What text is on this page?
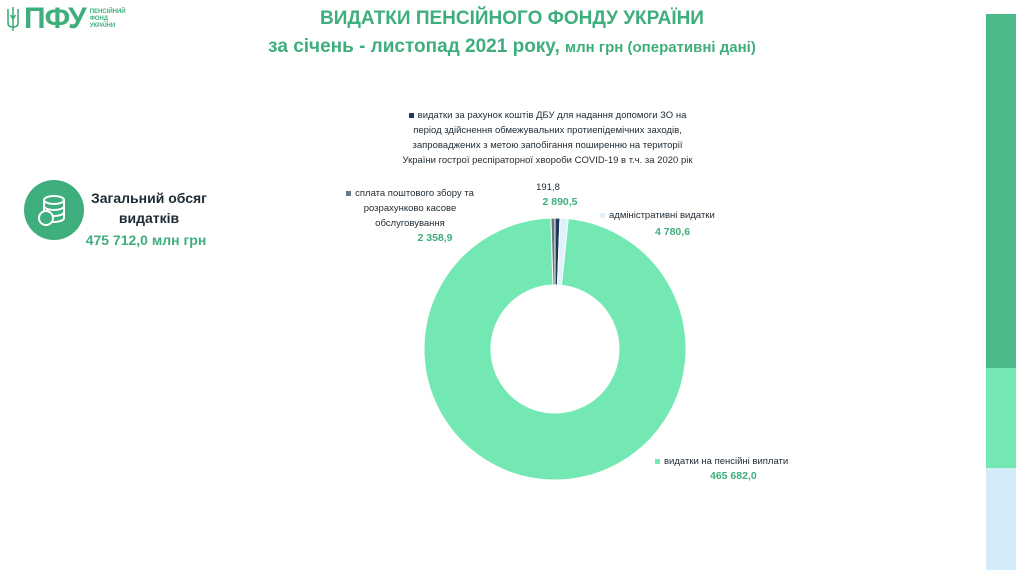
ПФУ ПЕНСІЙНИЙ
ФОНД
УКРАЇНИ	ВИДАТКИ ПЕНСІЙНОГО ФОНДУ УКРАЇНИ
за січень - листопад 2021 року, млн грн (оперативні дані)
Загальний обсяг видатків
475 712,0 млн грн
видатки за рахунок коштів ДБУ для надання допомоги ЗО на період здійснення обмежувальних протиепідемічних заходів, запроваджених з метою запобігання поширенню на території України гострої респіраторної хвороби COVID-19 в т.ч. за 2020 рік
191,8
2 890,5
сплата поштового збору та розрахунково касове обслуговування
2 358,9
адміністративні видатки
4 780,6
видатки на пенсійні виплати
465 682,0
